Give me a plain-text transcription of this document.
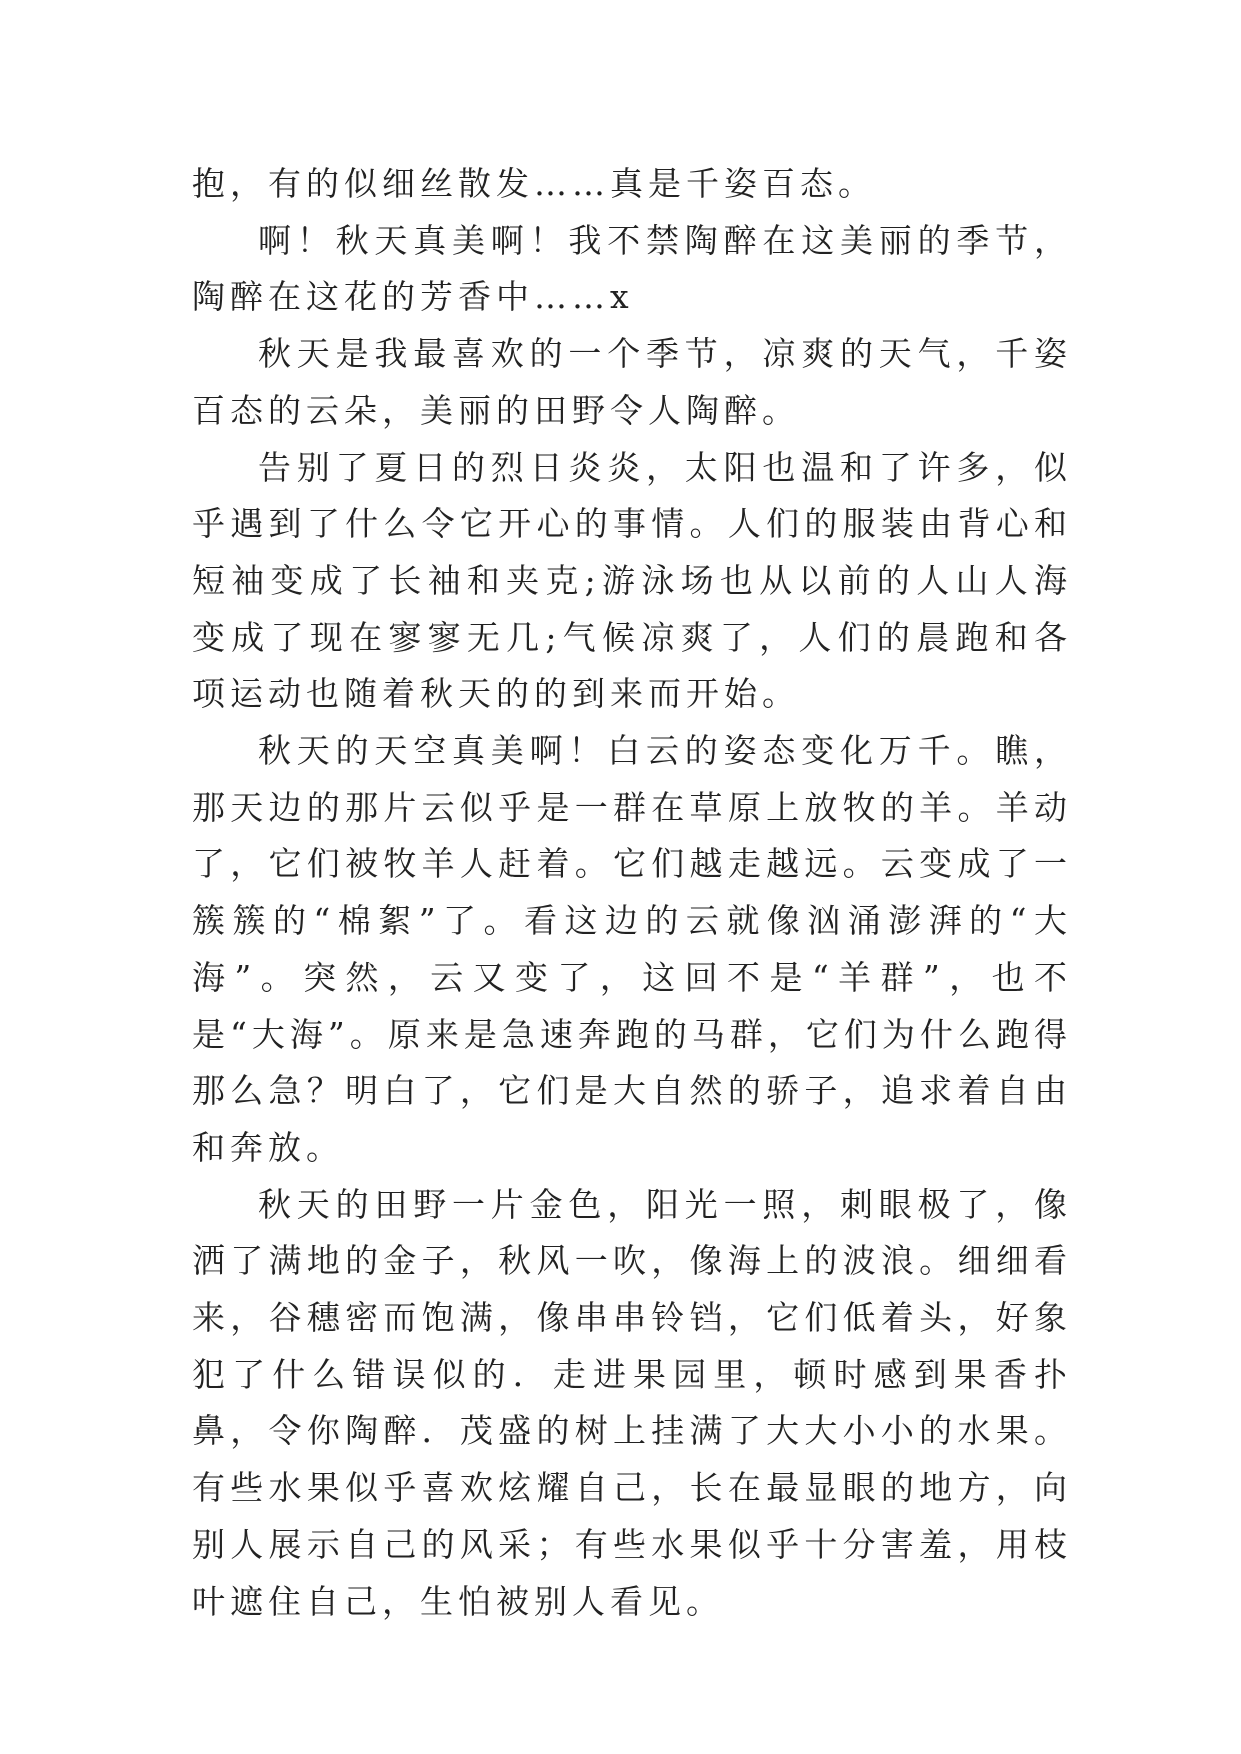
抱，有的似细丝散发……真是千姿百态。

啊！秋天真美啊！我不禁陶醉在这美丽的季节，陶醉在这花的芳香中……x

秋天是我最喜欢的一个季节，凉爽的天气，千姿百态的云朵，美丽的田野令人陶醉。

告别了夏日的烈日炎炎，太阳也温和了许多，似乎遇到了什么令它开心的事情。人们的服装由背心和短袖变成了长袖和夹克;游泳场也从以前的人山人海变成了现在寥寥无几;气候凉爽了，人们的晨跑和各项运动也随着秋天的的到来而开始。

秋天的天空真美啊！白云的姿态变化万千。瞧，那天边的那片云似乎是一群在草原上放牧的羊。羊动了，它们被牧羊人赶着。它们越走越远。云变成了一簇簇的“棉絮”了。看这边的云就像汹涌澎湃的“大海”。突然，云又变了，这回不是“羊群”，也不是“大海”。原来是急速奔跑的马群，它们为什么跑得那么急？明白了，它们是大自然的骄子，追求着自由和奔放。

秋天的田野一片金色，阳光一照，刺眼极了，像洒了满地的金子，秋风一吹，像海上的波浪。细细看来，谷穗密而饱满，像串串铃铛，它们低着头，好象犯了什么错误似的．走进果园里，顿时感到果香扑鼻，令你陶醉．茂盛的树上挂满了大大小小的水果。有些水果似乎喜欢炫耀自己，长在最显眼的地方，向别人展示自己的风采；有些水果似乎十分害羞，用枝叶遮住自己，生怕被别人看见。
